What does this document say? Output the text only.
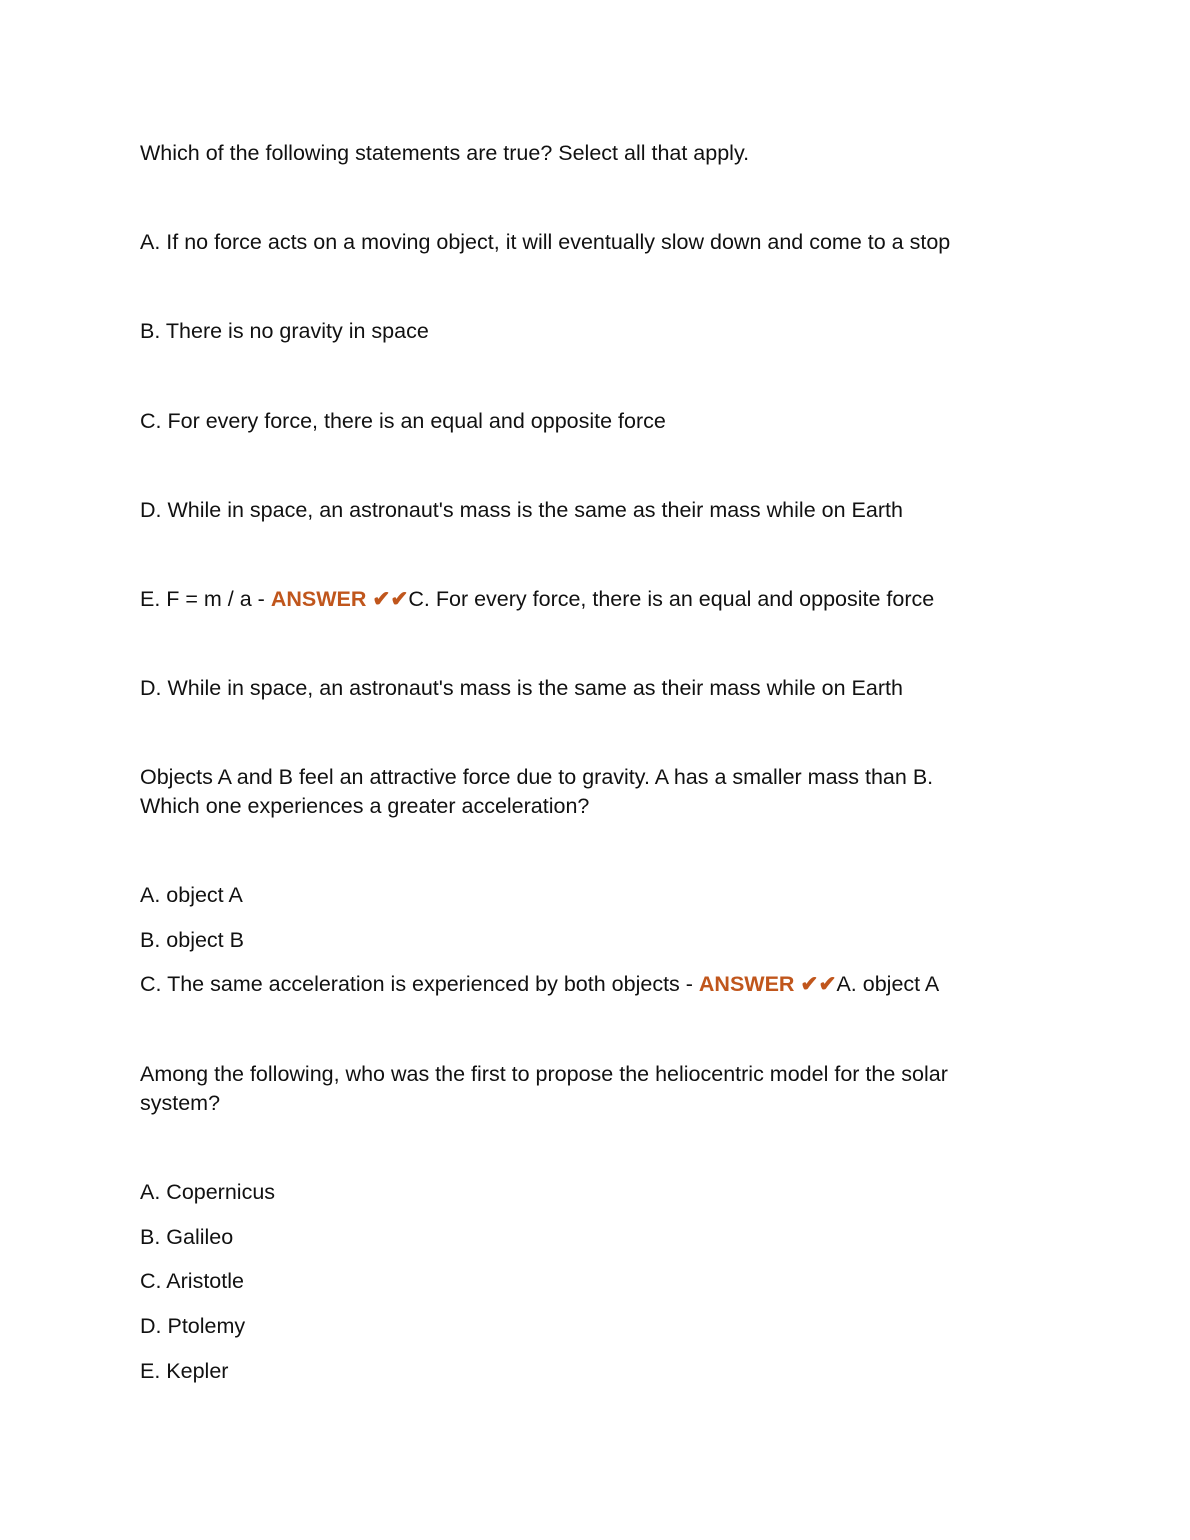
Which of the following statements are true? Select all that apply.
A. If no force acts on a moving object, it will eventually slow down and come to a stop
B. There is no gravity in space
C. For every force, there is an equal and opposite force
D. While in space, an astronaut's mass is the same as their mass while on Earth
E. F = m / a - ANSWER ✔✔C. For every force, there is an equal and opposite force
D. While in space, an astronaut's mass is the same as their mass while on Earth
Objects A and B feel an attractive force due to gravity. A has a smaller mass than B.
Which one experiences a greater acceleration?
A. object A
B. object B
C. The same acceleration is experienced by both objects - ANSWER ✔✔A. object A
Among the following, who was the first to propose the heliocentric model for the solar
system?
A. Copernicus
B. Galileo
C. Aristotle
D. Ptolemy
E. Kepler
